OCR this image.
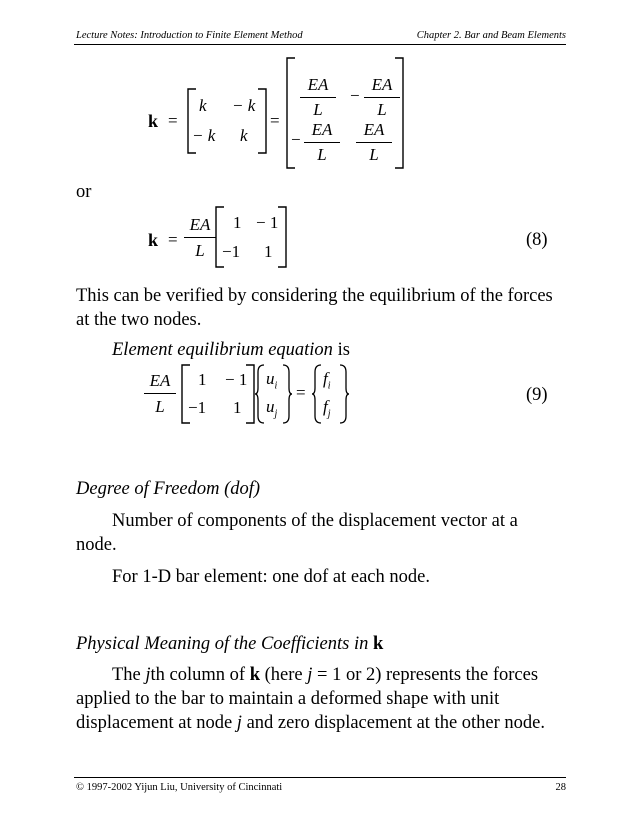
Lecture Notes: Introduction to Finite Element Method	Chapter 2. Bar and Beam Elements
k =
k − k
− k k
=
EA
L
−
EA
L
−
EA
L
EA
L
or
k =
EA
L
1 − 1
−1 1
(8)
This can be verified by considering the equilibrium of the forces
at the two nodes.
Element equilibrium equation is
EA
L
1 − 1
−1 1
$u_i$
$u_j$
=
$f_i$
$f_j$
(9)
Degree of Freedom (dof)
Number of components of the displacement vector at a
node.
For 1-D bar element: one dof at each node.
Physical Meaning of the Coefficients in k
The jth column of k (here j = 1 or 2) represents the forces
applied to the bar to maintain a deformed shape with unit
displacement at node j and zero displacement at the other node.
© 1997-2002 Yijun Liu, University of Cincinnati	28
